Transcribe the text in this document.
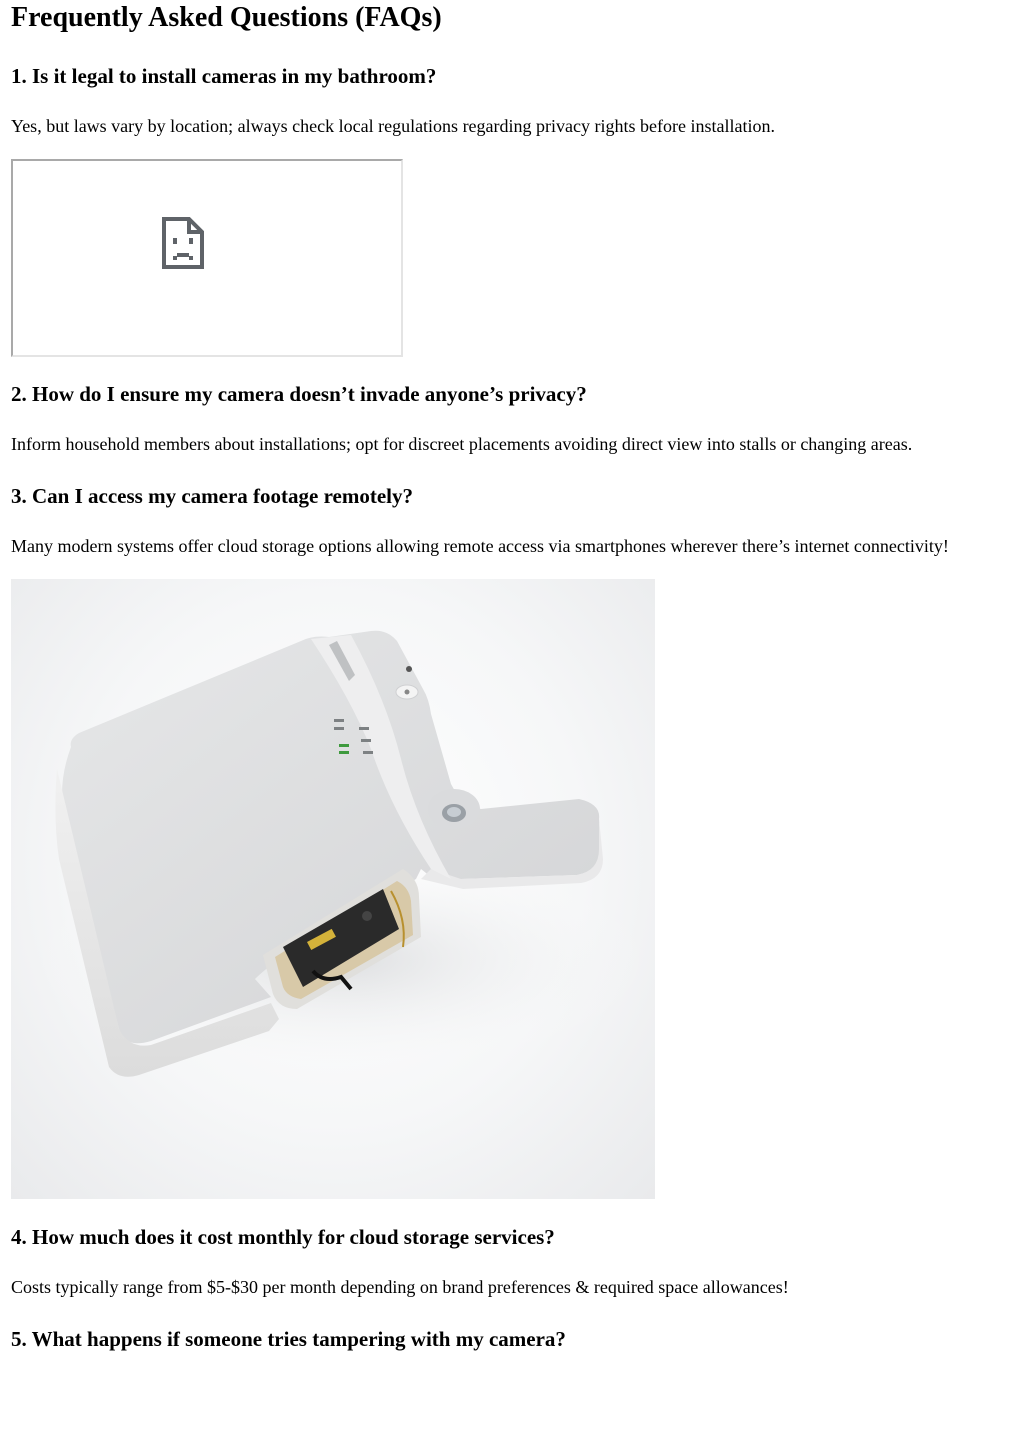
Frequently Asked Questions (FAQs)
1. Is it legal to install cameras in my bathroom?

Yes, but laws vary by location; always check local regulations regarding privacy rights before installation.

2. How do I ensure my camera doesn’t invade anyone’s privacy?

Inform household members about installations; opt for discreet placements avoiding direct view into stalls or changing areas.

3. Can I access my camera footage remotely?

Many modern systems offer cloud storage options allowing remote access via smartphones wherever there’s internet connectivity!

4. How much does it cost monthly for cloud storage services?

Costs typically range from $5-$30 per month depending on brand preferences & required space allowances!

5. What happens if someone tries tampering with my camera?
